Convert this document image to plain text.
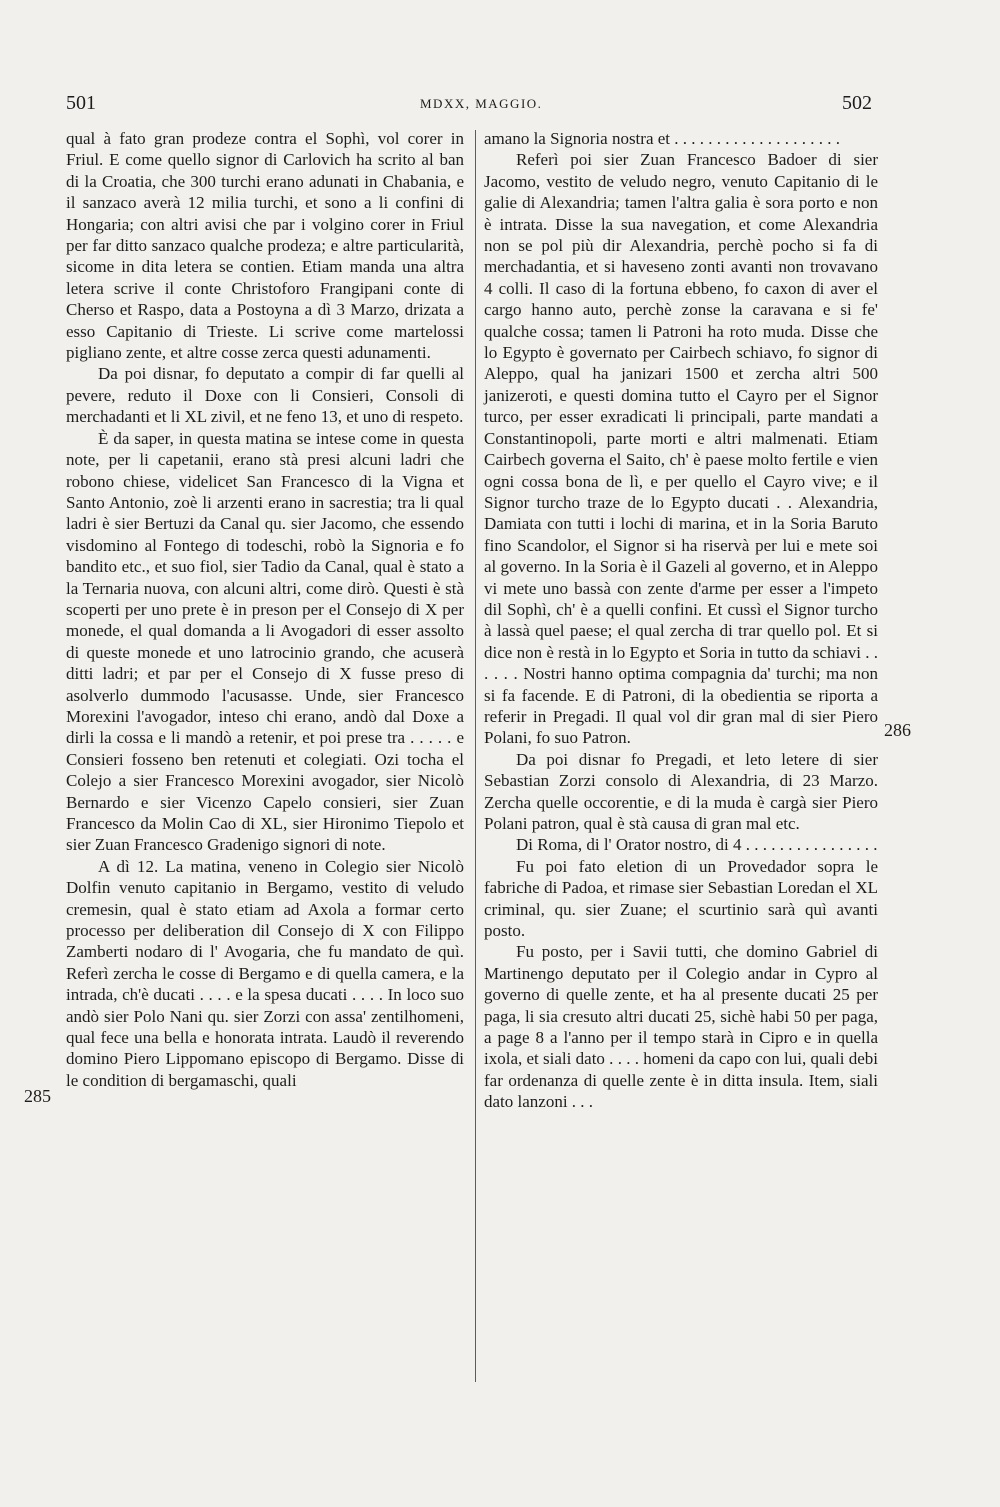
501	MDXX, MAGGIO.	502
285
286

qual à fato gran prodeze contra el Sophì, vol corer in Friul. E come quello signor di Carlovich ha scrito al ban di la Croatia, che 300 turchi erano adunati in Chabania, e il sanzaco averà 12 milia turchi, et sono a li confini di Hongaria; con altri avisi che par i volgino corer in Friul per far ditto sanzaco qualche prodeza; e altre particularità, sicome in dita letera se contien. Etiam manda una altra letera scrive il conte Christoforo Frangipani conte di Cherso et Raspo, data a Postoyna a dì 3 Marzo, drizata a esso Capitanio di Trieste. Li scrive come martelossi pigliano zente, et altre cosse zerca questi adunamenti.

Da poi disnar, fo deputato a compir di far quelli al pevere, reduto il Doxe con li Consieri, Consoli di merchadanti et li XL zivil, et ne feno 13, et uno di respeto.

È da saper, in questa matina se intese come in questa note, per li capetanii, erano stà presi alcuni ladri che robono chiese, videlicet San Francesco di la Vigna et Santo Antonio, zoè li arzenti erano in sacrestia; tra li qual ladri è sier Bertuzi da Canal qu. sier Jacomo, che essendo visdomino al Fontego di todeschi, robò la Signoria e fo bandito etc., et suo fiol, sier Tadio da Canal, qual è stato a la Ternaria nuova, con alcuni altri, come dirò. Questi è stà scoperti per uno prete è in preson per el Consejo di X per monede, el qual domanda a li Avogadori di esser assolto di queste monede et uno latrocinio grando, che acuserà ditti ladri; et par per el Consejo di X fusse preso di asolverlo dummodo l'acusasse. Unde, sier Francesco Morexini l'avogador, inteso chi erano, andò dal Doxe a dirli la cossa e li mandò a retenir, et poi prese tra . . . . . e Consieri fosseno ben retenuti et colegiati. Ozi tocha el Colejo a sier Francesco Morexini avogador, sier Nicolò Bernardo e sier Vicenzo Capelo consieri, sier Zuan Francesco da Molin Cao di XL, sier Hironimo Tiepolo et sier Zuan Francesco Gradenigo signori di note.

A dì 12. La matina, veneno in Colegio sier Nicolò Dolfin venuto capitanio in Bergamo, vestito di veludo cremesin, qual è stato etiam ad Axola a formar certo processo per deliberation dil Consejo di X con Filippo Zamberti nodaro di l' Avogaria, che fu mandato de quì. Referì zercha le cosse di Bergamo e di quella camera, e la intrada, ch'è ducati . . . . e la spesa ducati . . . . In loco suo andò sier Polo Nani qu. sier Zorzi con assa' zentilhomeni, qual fece una bella e honorata intrata. Laudò il reverendo domino Piero Lippomano episcopo di Bergamo. Disse di le condition di bergamaschi, quali

amano la Signoria nostra et . . . . . . . . . . . . . . . . . . . .

Referì poi sier Zuan Francesco Badoer di sier Jacomo, vestito de veludo negro, venuto Capitanio di le galie di Alexandria; tamen l'altra galia è sora porto e non è intrata. Disse la sua navegation, et come Alexandria non se pol più dir Alexandria, perchè pocho si fa di merchadantia, et si haveseno zonti avanti non trovavano 4 colli. Il caso di la fortuna ebbeno, fo caxon di aver el cargo hanno auto, perchè zonse la caravana e si fe' qualche cossa; tamen li Patroni ha roto muda. Disse che lo Egypto è governato per Cairbech schiavo, fo signor di Aleppo, qual ha janizari 1500 et zercha altri 500 janizeroti, e questi domina tutto el Cayro per el Signor turco, per esser exradicati li principali, parte mandati a Constantinopoli, parte morti e altri malmenati. Etiam Cairbech governa el Saito, ch' è paese molto fertile e vien ogni cossa bona de lì, e per quello el Cayro vive; e il Signor turcho traze de lo Egypto ducati . . Alexandria, Damiata con tutti i lochi di marina, et in la Soria Baruto fino Scandolor, el Signor si ha riservà per lui e mete soi al governo. In la Soria è il Gazeli al governo, et in Aleppo vi mete uno bassà con zente d'arme per esser a l'impeto dil Sophì, ch' è a quelli confini. Et cussì el Signor turcho à lassà quel paese; el qual zercha di trar quello pol. Et si dice non è restà in lo Egypto et Soria in tutto da schiavi . . . . . . Nostri hanno optima compagnia da' turchi; ma non si fa facende. E di Patroni, di la obedientia se riporta a referir in Pregadi. Il qual vol dir gran mal di sier Piero Polani, fo suo Patron.

Da poi disnar fo Pregadi, et leto letere di sier Sebastian Zorzi consolo di Alexandria, di 23 Marzo. Zercha quelle occorentie, e di la muda è cargà sier Piero Polani patron, qual è stà causa di gran mal etc.

Di Roma, di l' Orator nostro, di 4 . . . . . . . . . . . . . . . .

Fu poi fato eletion di un Provedador sopra le fabriche di Padoa, et rimase sier Sebastian Loredan el XL criminal, qu. sier Zuane; el scurtinio sarà quì avanti posto.

Fu posto, per i Savii tutti, che domino Gabriel di Martinengo deputato per il Colegio andar in Cypro al governo di quelle zente, et ha al presente ducati 25 per paga, li sia cresuto altri ducati 25, sichè habi 50 per paga, a page 8 a l'anno per il tempo starà in Cipro e in quella ixola, et siali dato . . . . homeni da capo con lui, quali debi far ordenanza di quelle zente è in ditta insula. Item, siali dato lanzoni . . .
